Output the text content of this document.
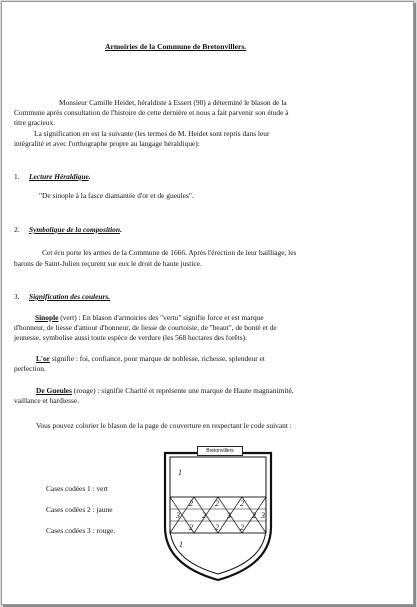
Armoiries de la Commune de Bretonvillers.
Monsieur Camille Heidet, héraldiste à Essert (90) a déterminé le blason de la
Commune après consultation de l'histoire de cette dernière et nous a fait parvenir son étude à
titre gracieux.
La signification en est la suivante (les termes de M. Heidet sont repris dans leur
intégralité et avec l'orthographe propre au langage héraldique):
1. Lecture Héraldique.
"De sinople à la fasce diamantée d'or et de gueules".
2. Symbolique de la composition.
Cet écu porte les armes de la Commune de 1666. Après l'érection de leur bailliage, les
barons de Saint-Julien reçurent sur eux le droit de haute justice.
3. Signification des couleurs.
Sinople (vert) : En blason d'armoiries des "vertu" signifie force et est marque
d'honneur, de liesse d'amour d'honneur, de liesse de courtoisie, de "beaut", de bonté et de
jeunesse, symbolise aussi toute espèce de verdure (les 568 hectares des forêts).
L'or signifie : foi, confiance, pour marque de noblesse, richesse, splendeur et
perfection.
De Gueules (rouge) : signifie Charité et représente une marque de Haute magnanimité,
vaillance et hardiesse.
Vous pouvez colorier le blason de la page de couverture en respectant le code suivant :
Cases codées 1 : vert
Cases codées 2 : jaune
Cases codées 3 : rouge.
1
1
2	2	2
3	2	3	2 3
2	2	2
Bretonvillers
